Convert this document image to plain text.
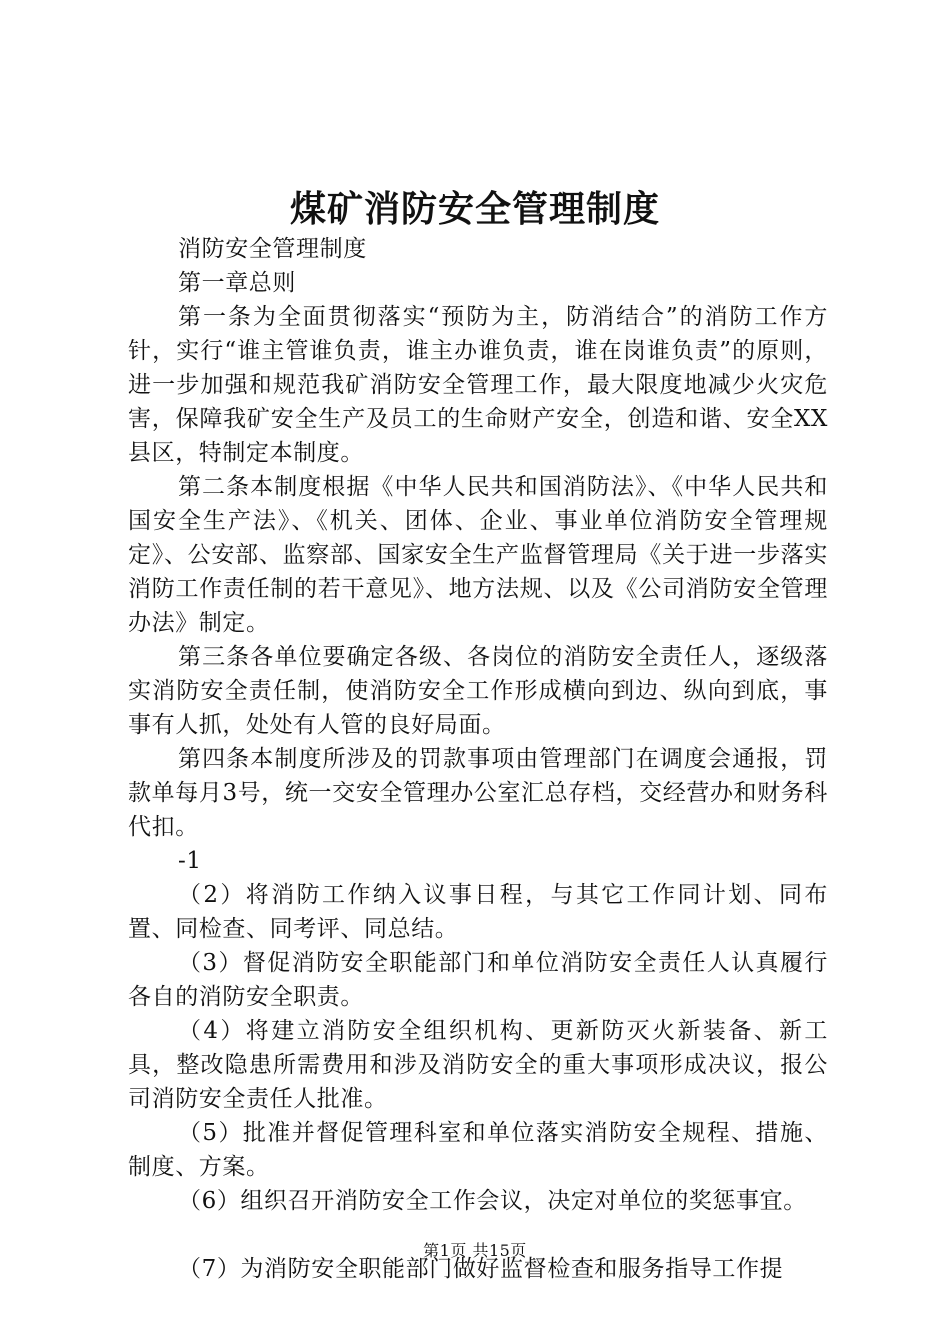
煤矿消防安全管理制度

消防安全管理制度

第一章总则

第一条为全面贯彻落实“预防为主，防消结合”的消防工作方针，实行“谁主管谁负责，谁主办谁负责，谁在岗谁负责”的原则，进一步加强和规范我矿消防安全管理工作，最大限度地减少火灾危害，保障我矿安全生产及员工的生命财产安全，创造和谐、安全XX县区，特制定本制度。

第二条本制度根据《中华人民共和国消防法》、《中华人民共和国安全生产法》、《机关、团体、企业、事业单位消防安全管理规定》、公安部、监察部、国家安全生产监督管理局《关于进一步落实消防工作责任制的若干意见》、地方法规、以及《公司消防安全管理办法》制定。

第三条各单位要确定各级、各岗位的消防安全责任人，逐级落实消防安全责任制，使消防安全工作形成横向到边、纵向到底，事事有人抓，处处有人管的良好局面。

第四条本制度所涉及的罚款事项由管理部门在调度会通报，罚款单每月3号，统一交安全管理办公室汇总存档，交经营办和财务科代扣。

-1

（2）将消防工作纳入议事日程，与其它工作同计划、同布置、同检查、同考评、同总结。

（3）督促消防安全职能部门和单位消防安全责任人认真履行各自的消防安全职责。

（4）将建立消防安全组织机构、更新防灭火新装备、新工具，整改隐患所需费用和涉及消防安全的重大事项形成决议，报公司消防安全责任人批准。

（5）批准并督促管理科室和单位落实消防安全规程、措施、制度、方案。

（6）组织召开消防安全工作会议，决定对单位的奖惩事宜。

（7）为消防安全职能部门做好监督检查和服务指导工作提

第1页 共15页
